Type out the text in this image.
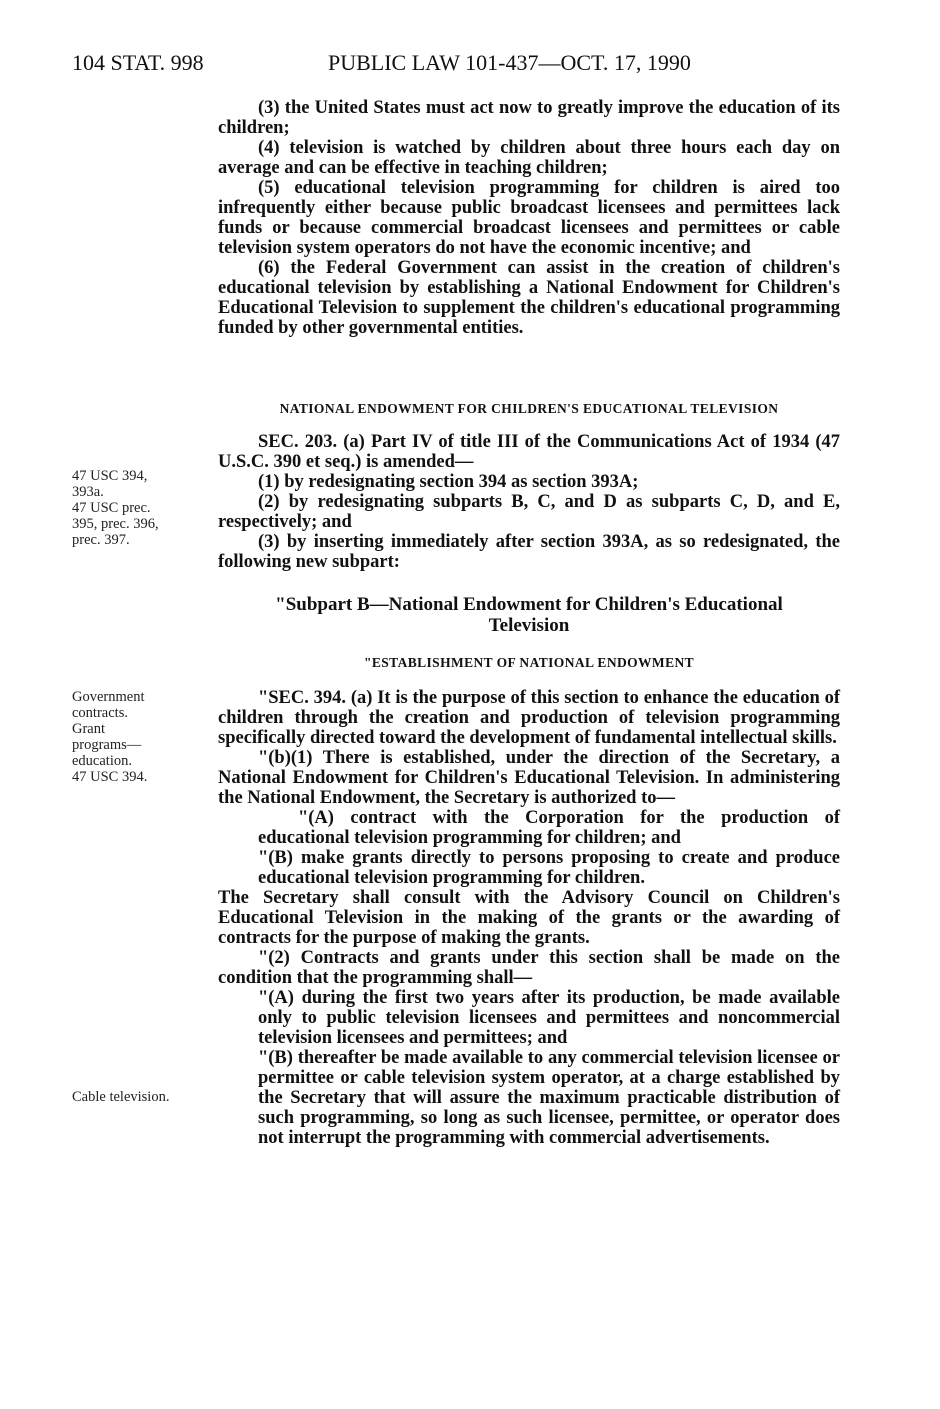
104 STAT. 998	PUBLIC LAW 101-437—OCT. 17, 1990

(3) the United States must act now to greatly improve the education of its children;

(4) television is watched by children about three hours each day on average and can be effective in teaching children;

(5) educational television programming for children is aired too infrequently either because public broadcast licensees and permittees lack funds or because commercial broadcast licensees and permittees or cable television system operators do not have the economic incentive; and

(6) the Federal Government can assist in the creation of children's educational television by establishing a National Endowment for Children's Educational Television to supplement the children's educational programming funded by other governmental entities.

NATIONAL ENDOWMENT FOR CHILDREN'S EDUCATIONAL TELEVISION

SEC. 203. (a) Part IV of title III of the Communications Act of 1934 (47 U.S.C. 390 et seq.) is amended—

(1) by redesignating section 394 as section 393A;

(2) by redesignating subparts B, C, and D as subparts C, D, and E, respectively; and

(3) by inserting immediately after section 393A, as so redesignated, the following new subpart:

47 USC 394,
393a.
47 USC prec.
395, prec. 396,
prec. 397.
"Subpart B—National Endowment for Children's Educational
Television
"ESTABLISHMENT OF NATIONAL ENDOWMENT

"SEC. 394. (a) It is the purpose of this section to enhance the education of children through the creation and production of television programming specifically directed toward the development of fundamental intellectual skills.

"(b)(1) There is established, under the direction of the Secretary, a National Endowment for Children's Educational Television. In administering the National Endowment, the Secretary is authorized to—

"(A) contract with the Corporation for the production of educational television programming for children; and

"(B) make grants directly to persons proposing to create and produce educational television programming for children.

The Secretary shall consult with the Advisory Council on Children's Educational Television in the making of the grants or the awarding of contracts for the purpose of making the grants.

"(2) Contracts and grants under this section shall be made on the condition that the programming shall—

"(A) during the first two years after its production, be made available only to public television licensees and permittees and noncommercial television licensees and permittees; and

"(B) thereafter be made available to any commercial television licensee or permittee or cable television system operator, at a charge established by the Secretary that will assure the maximum practicable distribution of such programming, so long as such licensee, permittee, or operator does not interrupt the programming with commercial advertisements.

Government
contracts.
Grant
programs—
education.
47 USC 394.
Cable television.
